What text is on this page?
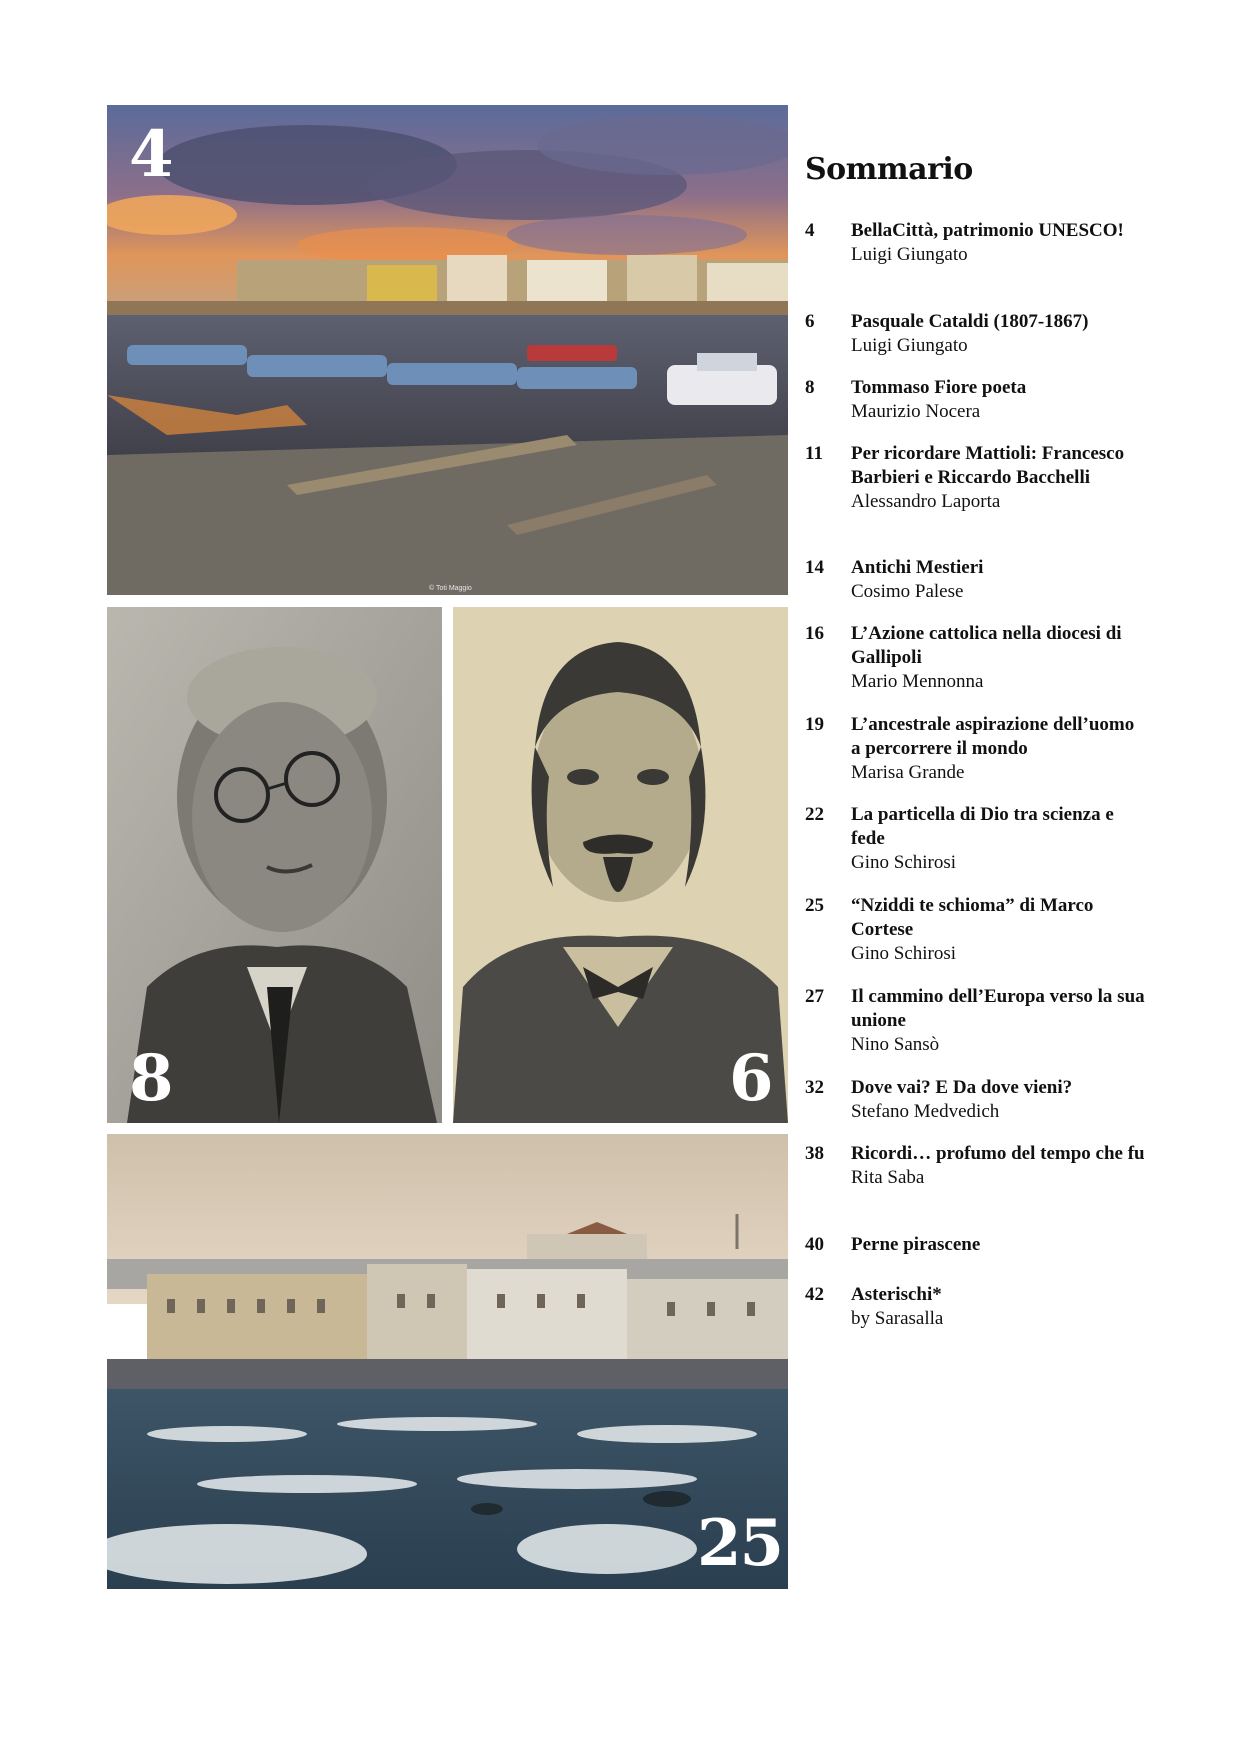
4
© Toti Maggio
8	6
25
Sommario
4 BellaCittà, patrimonio UNESCO!
Luigi Giungato
6 Pasquale Cataldi (1807-1867)
Luigi Giungato
8 Tommaso Fiore poeta
Maurizio Nocera
11 Per ricordare Mattioli: Francesco Barbieri e Riccardo Bacchelli
Alessandro Laporta
14 Antichi Mestieri
Cosimo Palese
16 L’Azione cattolica nella diocesi di Gallipoli
Mario Mennonna
19 L’ancestrale aspirazione dell’uomo a percorrere il mondo
Marisa Grande
22 La particella di Dio tra scienza e fede
Gino Schirosi
25 “Nziddi te schioma” di Marco Cortese
Gino Schirosi
27 Il cammino dell’Europa verso la sua unione
Nino Sansò
32 Dove vai? E Da dove vieni?
Stefano Medvedich
38 Ricordi… profumo del tempo che fu
Rita Saba
40 Perne pirascene
42 Asterischi*
by Sarasalla
